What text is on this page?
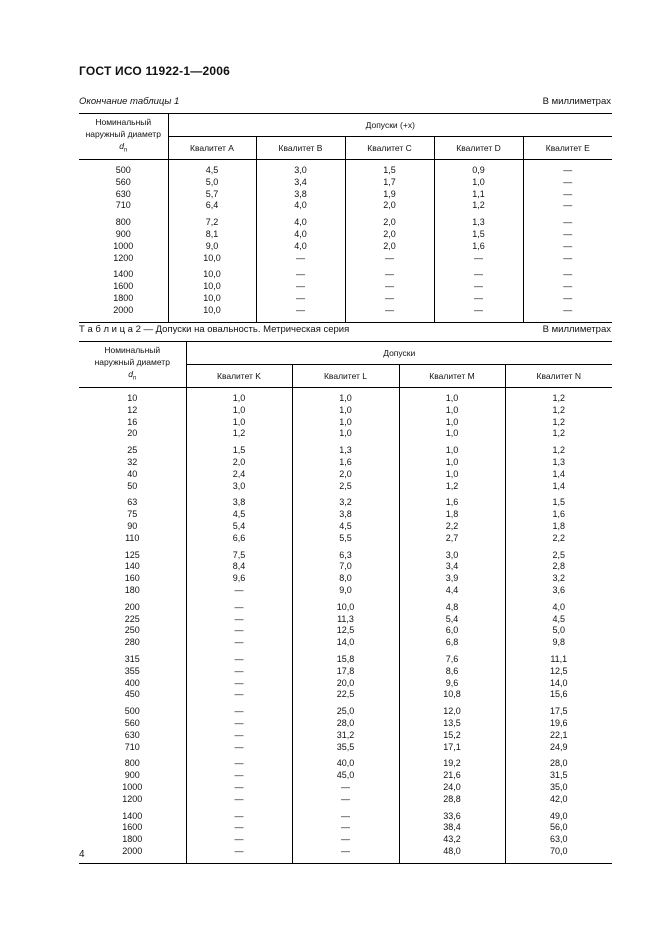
ГОСТ ИСО 11922-1—2006
Окончание таблицы 1	В миллиметрах
Номинальный
наружный диаметр
$d_n$	Допуски (+x)				
	Квалитет A	Квалитет B	Квалитет C	Квалитет D	Квалитет E

500	4,5	3,0	1,5	0,9	—
560	5,0	3,4	1,7	1,0	—
630	5,7	3,8	1,9	1,1	—
710	6,4	4,0	2,0	1,2	—

800	7,2	4,0	2,0	1,3	—
900	8,1	4,0	2,0	1,5	—
1000	9,0	4,0	2,0	1,6	—
1200	10,0	—	—	—	—

1400	10,0	—	—	—	—
1600	10,0	—	—	—	—
1800	10,0	—	—	—	—
2000	10,0	—	—	—	—

Т а б л и ц а 2 — Допуски на овальность. Метрическая серия	В миллиметрах
Номинальный
наружный диаметр
$d_n$	Допуски			
	Квалитет K	Квалитет L	Квалитет M	Квалитет N

10	1,0	1,0	1,0	1,2
12	1,0	1,0	1,0	1,2
16	1,0	1,0	1,0	1,2
20	1,2	1,0	1,0	1,2

25	1,5	1,3	1,0	1,2
32	2,0	1,6	1,0	1,3
40	2,4	2,0	1,0	1,4
50	3,0	2,5	1,2	1,4

63	3,8	3,2	1,6	1,5
75	4,5	3,8	1,8	1,6
90	5,4	4,5	2,2	1,8
110	6,6	5,5	2,7	2,2

125	7,5	6,3	3,0	2,5
140	8,4	7,0	3,4	2,8
160	9,6	8,0	3,9	3,2
180	—	9,0	4,4	3,6

200	—	10,0	4,8	4,0
225	—	11,3	5,4	4,5
250	—	12,5	6,0	5,0
280	—	14,0	6,8	9,8

315	—	15,8	7,6	11,1
355	—	17,8	8,6	12,5
400	—	20,0	9,6	14,0
450	—	22,5	10,8	15,6

500	—	25,0	12,0	17,5
560	—	28,0	13,5	19,6
630	—	31,2	15,2	22,1
710	—	35,5	17,1	24,9

800	—	40,0	19,2	28,0
900	—	45,0	21,6	31,5
1000	—	—	24,0	35,0
1200	—	—	28,8	42,0

1400	—	—	33,6	49,0
1600	—	—	38,4	56,0
1800	—	—	43,2	63,0
2000	—	—	48,0	70,0

4
